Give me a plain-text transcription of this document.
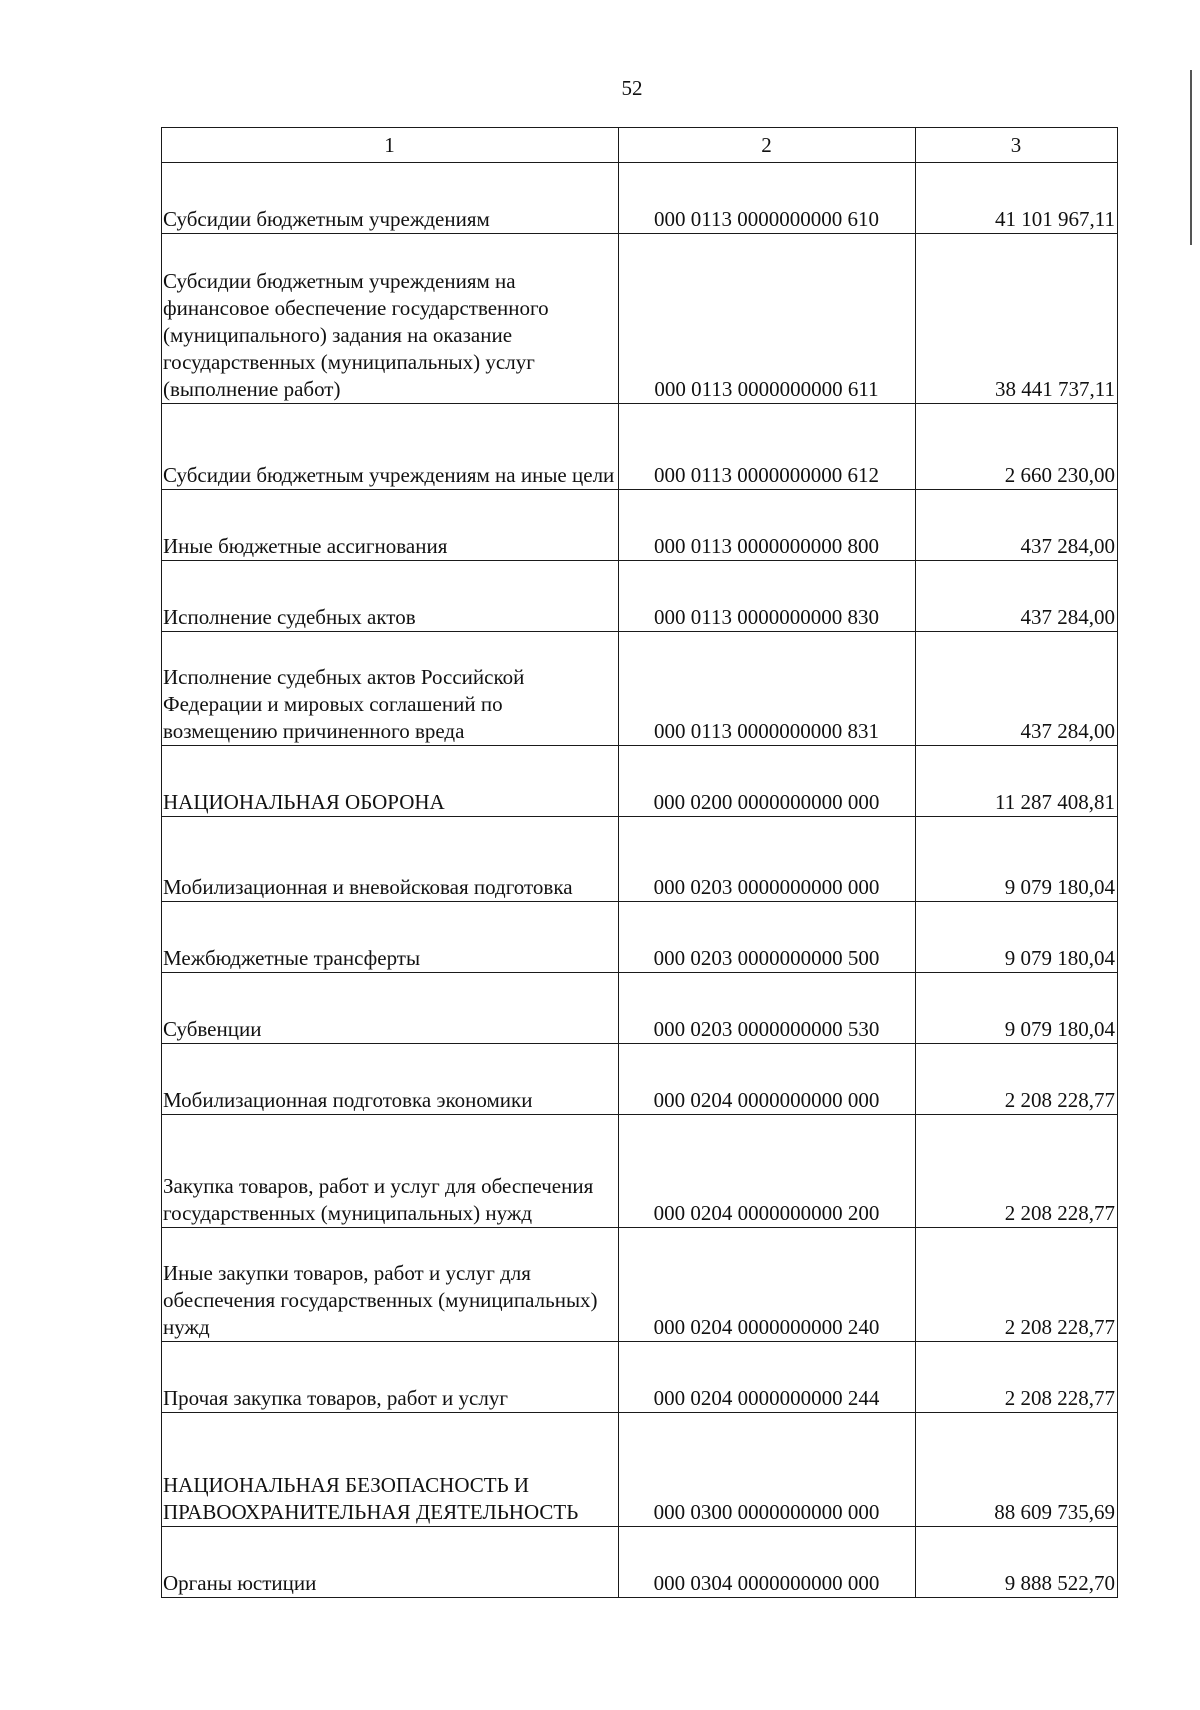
52
1	2	3
Субсидии бюджетным учреждениям	000 0113 0000000000 610	41 101 967,11
Субсидии бюджетным учреждениям на финансовое обеспечение государственного (муниципального) задания на оказание государственных (муниципальных) услуг (выполнение работ)	000 0113 0000000000 611	38 441 737,11
Субсидии бюджетным учреждениям на иные цели	000 0113 0000000000 612	2 660 230,00
Иные бюджетные ассигнования	000 0113 0000000000 800	437 284,00
Исполнение судебных актов	000 0113 0000000000 830	437 284,00
Исполнение судебных актов Российской Федерации и мировых соглашений по возмещению причиненного вреда	000 0113 0000000000 831	437 284,00
НАЦИОНАЛЬНАЯ ОБОРОНА	000 0200 0000000000 000	11 287 408,81
Мобилизационная и вневойсковая подготовка	000 0203 0000000000 000	9 079 180,04
Межбюджетные трансферты	000 0203 0000000000 500	9 079 180,04
Субвенции	000 0203 0000000000 530	9 079 180,04
Мобилизационная подготовка экономики	000 0204 0000000000 000	2 208 228,77
Закупка товаров, работ и услуг для обеспечения государственных (муниципальных) нужд	000 0204 0000000000 200	2 208 228,77
Иные закупки товаров, работ и услуг для обеспечения государственных (муниципальных) нужд	000 0204 0000000000 240	2 208 228,77
Прочая закупка товаров, работ и услуг	000 0204 0000000000 244	2 208 228,77
НАЦИОНАЛЬНАЯ БЕЗОПАСНОСТЬ И ПРАВООХРАНИТЕЛЬНАЯ ДЕЯТЕЛЬНОСТЬ	000 0300 0000000000 000	88 609 735,69
Органы юстиции	000 0304 0000000000 000	9 888 522,70
